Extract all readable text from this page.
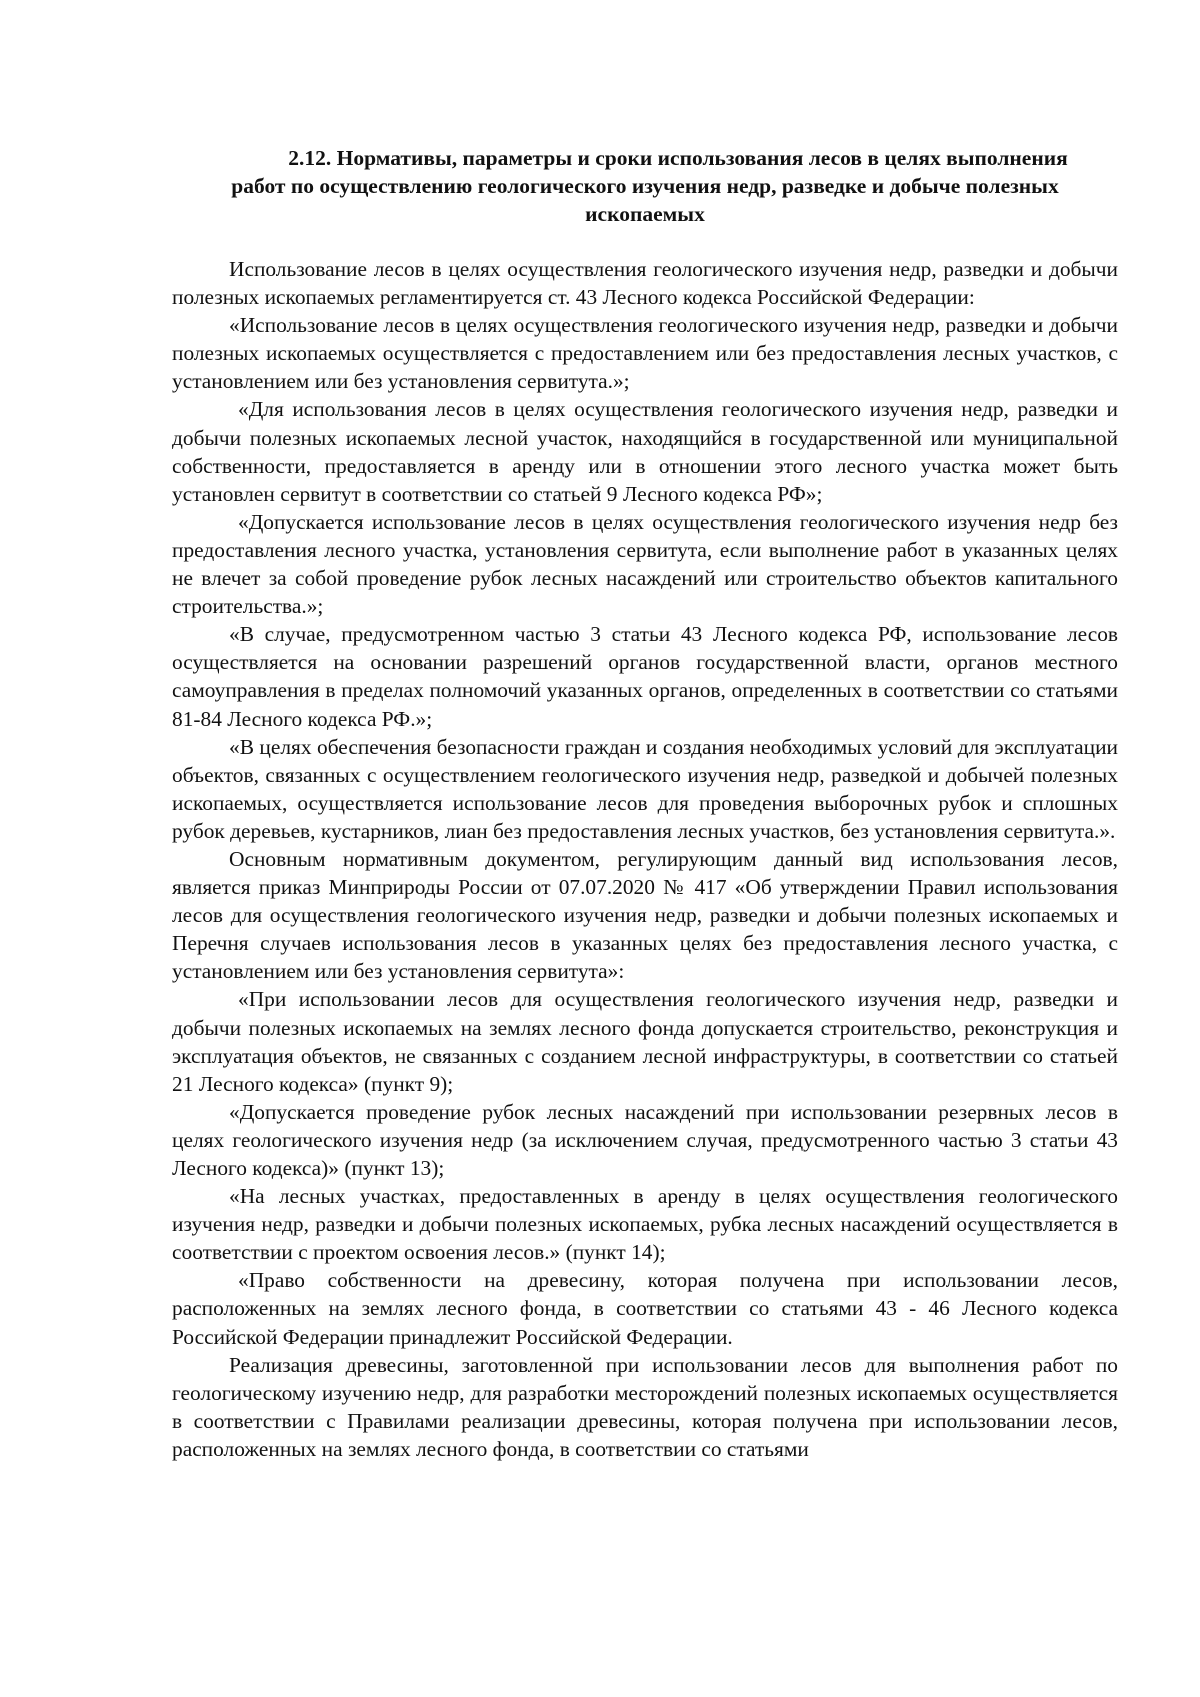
2.12. Нормативы, параметры и сроки использования лесов в целях выполнения
работ по осуществлению геологического изучения недр, разведке и добыче полезных
ископаемых

Использование лесов в целях осуществления геологического изучения недр, разведки и добычи полезных ископаемых регламентируется ст. 43 Лесного кодекса Российской Федерации:

«Использование лесов в целях осуществления геологического изучения недр, разведки и добычи полезных ископаемых осуществляется с предоставлением или без предоставления лесных участков, с установлением или без установления сервитута.»;

«Для использования лесов в целях осуществления геологического изучения недр, разведки и добычи полезных ископаемых лесной участок, находящийся в государственной или муниципальной собственности, предоставляется в аренду или в отношении этого лесного участка может быть установлен сервитут в соответствии со статьей 9 Лесного кодекса РФ»;

«Допускается использование лесов в целях осуществления геологического изучения недр без предоставления лесного участка, установления сервитута, если выполнение работ в указанных целях не влечет за собой проведение рубок лесных насаждений или строительство объектов капитального строительства.»;

«В случае, предусмотренном частью 3 статьи 43 Лесного кодекса РФ, использование лесов осуществляется на основании разрешений органов государственной власти, органов местного самоуправления в пределах полномочий указанных органов, определенных в соответствии со статьями 81-84 Лесного кодекса РФ.»;

«В целях обеспечения безопасности граждан и создания необходимых условий для эксплуатации объектов, связанных с осуществлением геологического изучения недр, разведкой и добычей полезных ископаемых, осуществляется использование лесов для проведения выборочных рубок и сплошных рубок деревьев, кустарников, лиан без предоставления лесных участков, без установления сервитута.».

Основным нормативным документом, регулирующим данный вид использования лесов, является приказ Минприроды России от 07.07.2020 № 417 «Об утверждении Правил использования лесов для осуществления геологического изучения недр, разведки и добычи полезных ископаемых и Перечня случаев использования лесов в указанных целях без предоставления лесного участка, с установлением или без установления сервитута»:

«При использовании лесов для осуществления геологического изучения недр, разведки и добычи полезных ископаемых на землях лесного фонда допускается строительство, реконструкция и эксплуатация объектов, не связанных с созданием лесной инфраструктуры, в соответствии со статьей 21 Лесного кодекса» (пункт 9);

«Допускается проведение рубок лесных насаждений при использовании резервных лесов в целях геологического изучения недр (за исключением случая, предусмотренного частью 3 статьи 43 Лесного кодекса)» (пункт 13);

«На лесных участках, предоставленных в аренду в целях осуществления геологического изучения недр, разведки и добычи полезных ископаемых, рубка лесных насаждений осуществляется в соответствии с проектом освоения лесов.» (пункт 14);

«Право собственности на древесину, которая получена при использовании лесов, расположенных на землях лесного фонда, в соответствии со статьями 43 - 46 Лесного кодекса Российской Федерации принадлежит Российской Федерации.

Реализация древесины, заготовленной при использовании лесов для выполнения работ по геологическому изучению недр, для разработки месторождений полезных ископаемых осуществляется в соответствии с Правилами реализации древесины, которая получена при использовании лесов, расположенных на землях лесного фонда, в соответствии со статьями
